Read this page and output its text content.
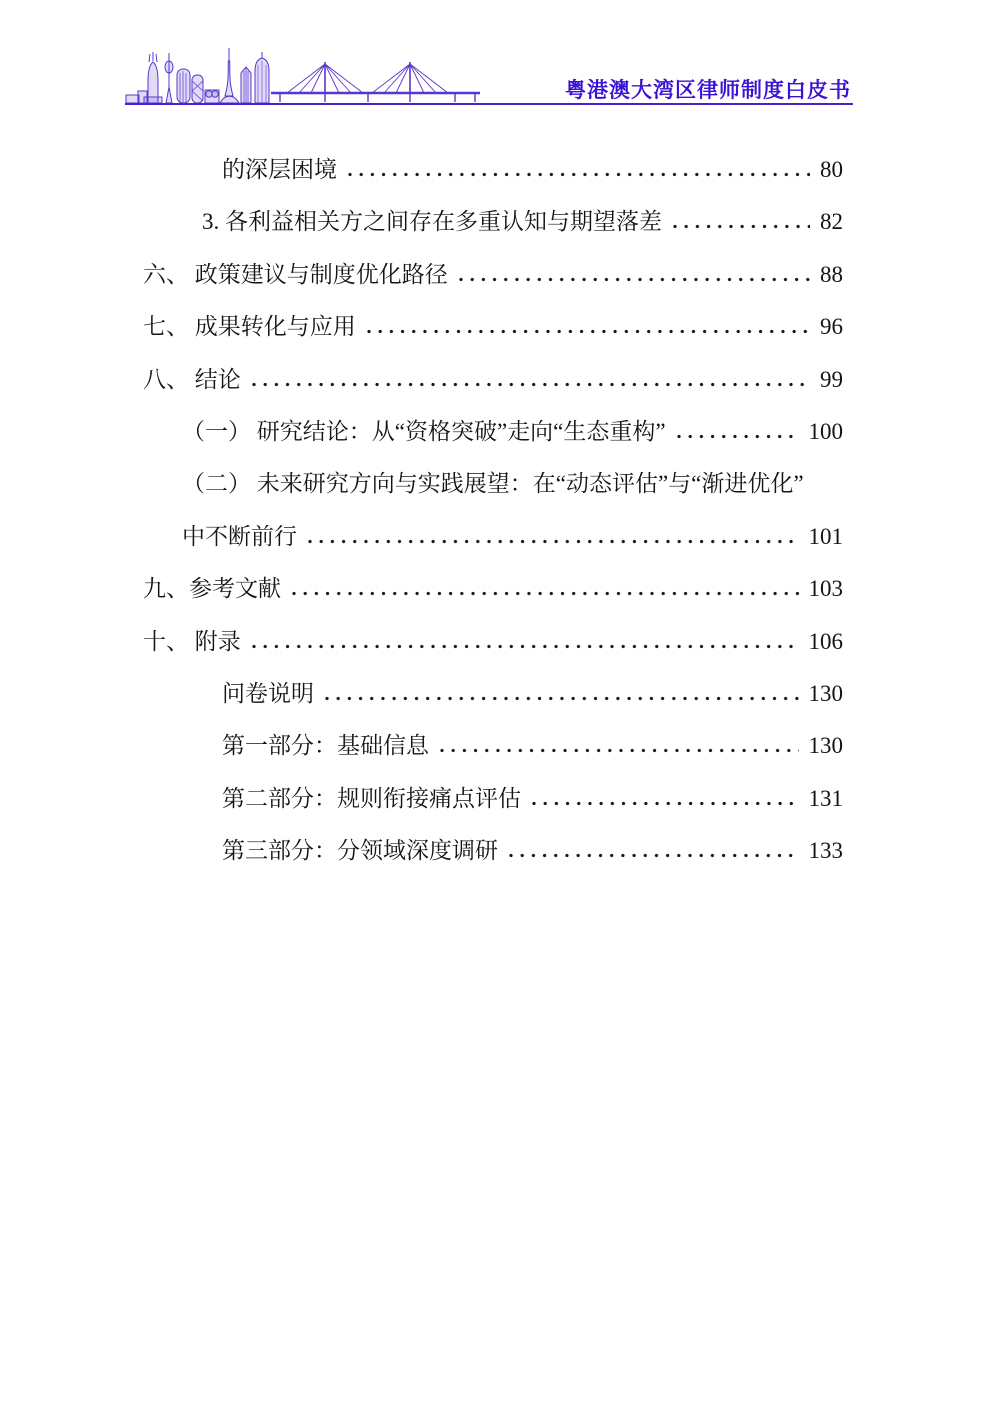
粤港澳大湾区律师制度白皮书
的深层困境	80
3. 各利益相关方之间存在多重认知与期望落差	82
六、 政策建议与制度优化路径	88
七、 成果转化与应用	96
八、 结论	99
（一） 研究结论：从“资格突破”走向“生态重构”	100
（二） 未来研究方向与实践展望：在“动态评估”与“渐进优化”
中不断前行	101
九、参考文献	103
十、 附录	106
问卷说明	130
第一部分：基础信息	130
第二部分：规则衔接痛点评估	131
第三部分：分领域深度调研	133
